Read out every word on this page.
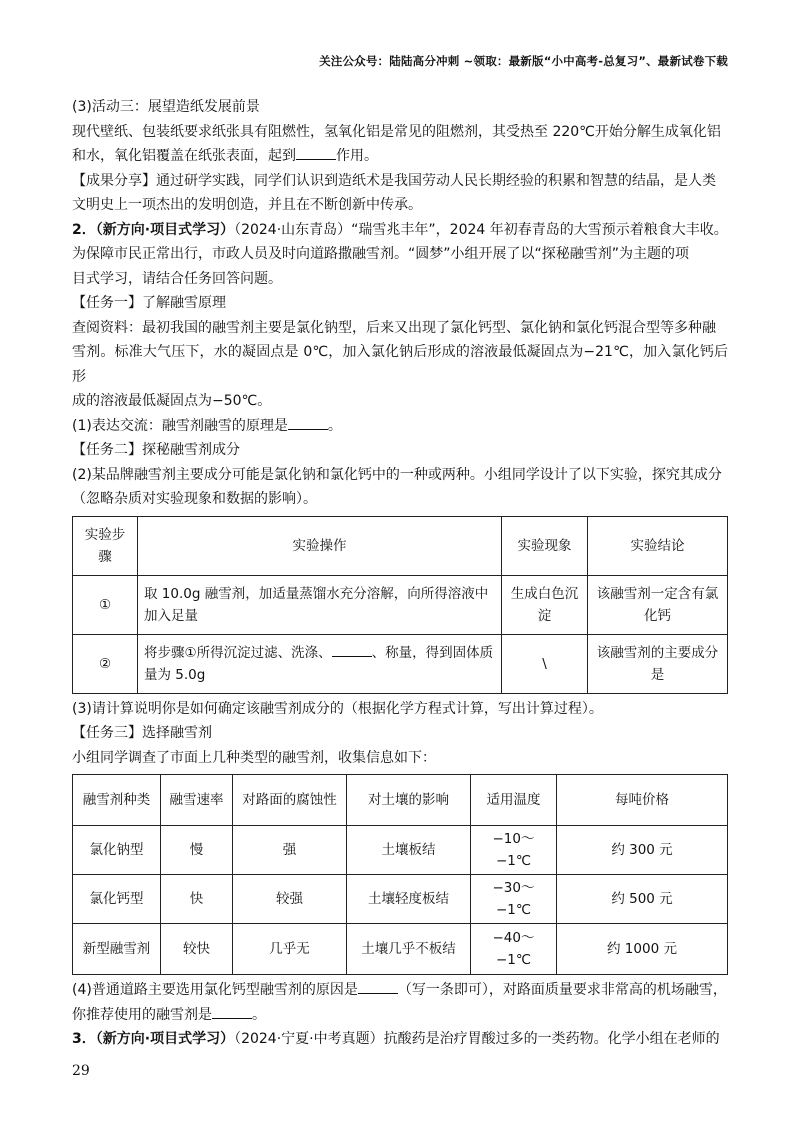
关注公众号：陆陆高分冲刺 ~领取：最新版“小中高考-总复习”、最新试卷下载

(3)活动三：展望造纸发展前景

现代壁纸、包装纸要求纸张具有阻燃性，氢氧化铝是常见的阻燃剂，其受热至 220℃开始分解生成氧化铝

和水，氧化铝覆盖在纸张表面，起到	作用。

【成果分享】通过研学实践，同学们认识到造纸术是我国劳动人民长期经验的积累和智慧的结晶，是人类

文明史上一项杰出的发明创造，并且在不断创新中传承。

2．（新方向·项目式学习）（2024·山东青岛）“瑞雪兆丰年”，2024 年初春青岛的大雪预示着粮食大丰收。

为保障市民正常出行，市政人员及时向道路撒融雪剂。“圆梦”小组开展了以“探秘融雪剂”为主题的项

目式学习，请结合任务回答问题。

【任务一】了解融雪原理

查阅资料：最初我国的融雪剂主要是氯化钠型，后来又出现了氯化钙型、氯化钠和氯化钙混合型等多种融

雪剂。标准大气压下，水的凝固点是 0℃，加入氯化钠后形成的溶液最低凝固点为−21℃，加入氯化钙后形

成的溶液最低凝固点为−50℃。

(1)表达交流：融雪剂融雪的原理是	。

【任务二】探秘融雪剂成分

(2)某品牌融雪剂主要成分可能是氯化钠和氯化钙中的一种或两种。小组同学设计了以下实验，探究其成分

（忽略杂质对实验现象和数据的影响）。

实验步骤	实验操作	实验现象	实验结论
①	取 10.0g 融雪剂，加适量蒸馏水充分溶解，向所得溶液中加入足量	生成白色沉淀	该融雪剂一定含有氯化钙
②	将步骤①所得沉淀过滤、洗涤、 、称量，得到固体质量为 5.0g	\	该融雪剂的主要成分是

(3)请计算说明你是如何确定该融雪剂成分的（根据化学方程式计算，写出计算过程）。

【任务三】选择融雪剂

小组同学调查了市面上几种类型的融雪剂，收集信息如下：

融雪剂种类	融雪速率	对路面的腐蚀性	对土壤的影响	适用温度	每吨价格
氯化钠型	慢	强	土壤板结	−10～−1℃	约 300 元
氯化钙型	快	较强	土壤轻度板结	−30～−1℃	约 500 元
新型融雪剂	较快	几乎无	土壤几乎不板结	−40～−1℃	约 1000 元

(4)普通道路主要选用氯化钙型融雪剂的原因是	（写一条即可），对路面质量要求非常高的机场融雪，

你推荐使用的融雪剂是	。

3．（新方向·项目式学习）（2024·宁夏·中考真题）抗酸药是治疗胃酸过多的一类药物。化学小组在老师的

29
